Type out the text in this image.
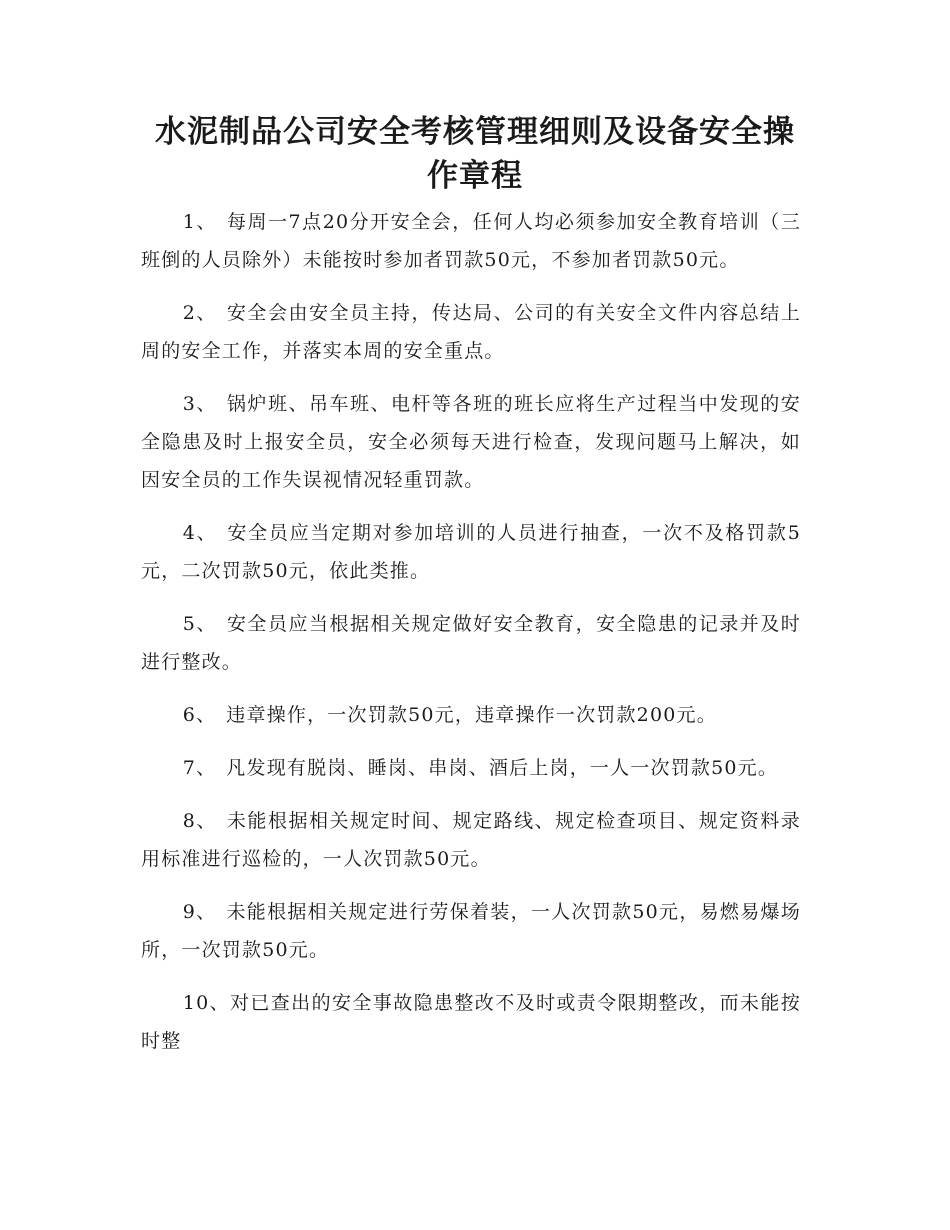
水泥制品公司安全考核管理细则及设备安全操作章程

1、 每周一7点20分开安全会，任何人均必须参加安全教育培训（三班倒的人员除外）未能按时参加者罚款50元，不参加者罚款50元。

2、 安全会由安全员主持，传达局、公司的有关安全文件内容总结上周的安全工作，并落实本周的安全重点。

3、 锅炉班、吊车班、电杆等各班的班长应将生产过程当中发现的安全隐患及时上报安全员，安全必须每天进行检查，发现问题马上解决，如因安全员的工作失误视情况轻重罚款。

4、 安全员应当定期对参加培训的人员进行抽查，一次不及格罚款5元，二次罚款50元，依此类推。

5、 安全员应当根据相关规定做好安全教育，安全隐患的记录并及时进行整改。

6、 违章操作，一次罚款50元，违章操作一次罚款200元。

7、 凡发现有脱岗、睡岗、串岗、酒后上岗，一人一次罚款50元。

8、 未能根据相关规定时间、规定路线、规定检查项目、规定资料录用标准进行巡检的，一人次罚款50元。

9、 未能根据相关规定进行劳保着装，一人次罚款50元，易燃易爆场所，一次罚款50元。

10、对已查出的安全事故隐患整改不及时或责令限期整改，而未能按时整
